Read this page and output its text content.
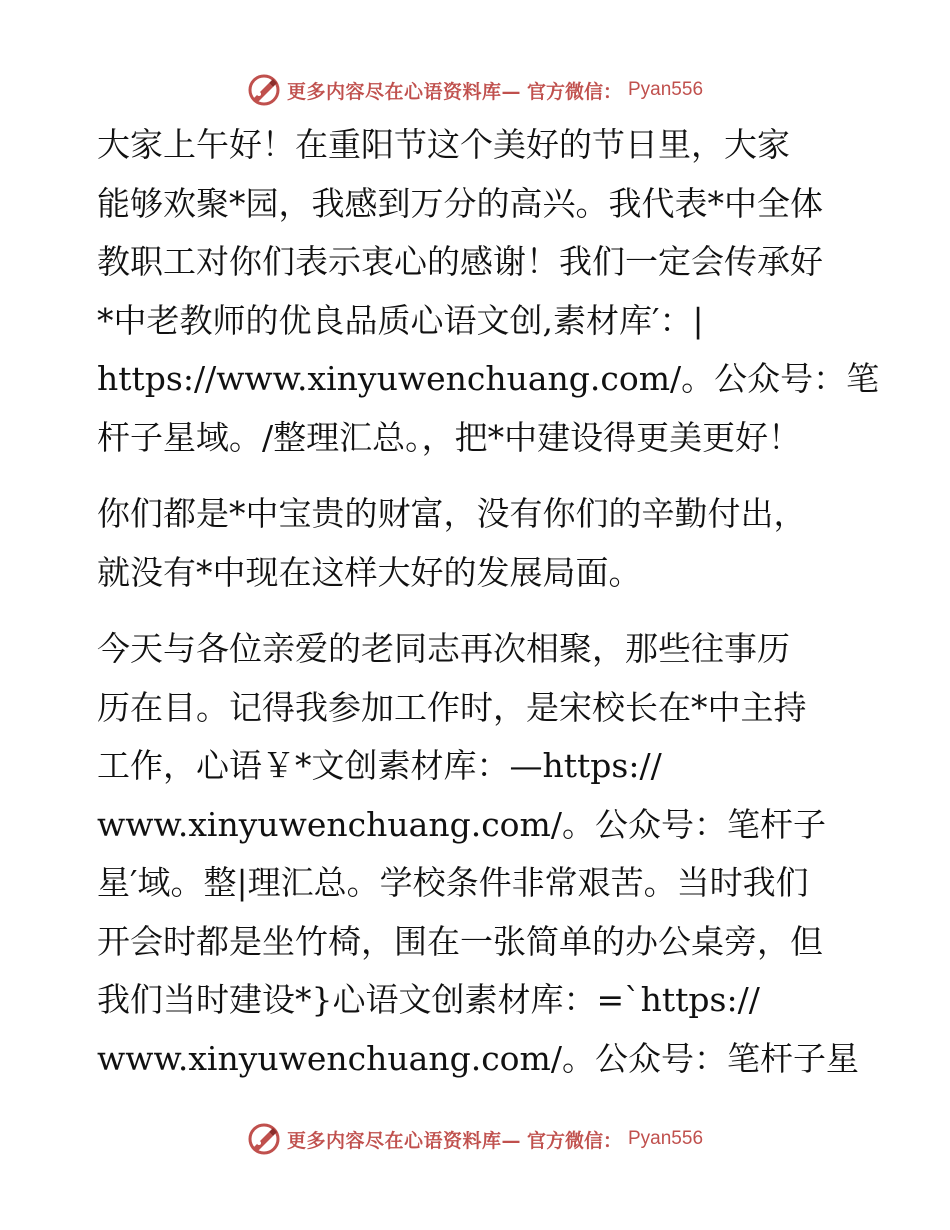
更多内容尽在心语资料库— 官方微信： Pyan556

大家上午好！在重阳节这个美好的节日里，大家
能够欢聚*园，我感到万分的高兴。我代表*中全体
教职工对你们表示衷心的感谢！我们一定会传承好
*中老教师的优良品质心语文创,素材库′：|
https://www.xinyuwenchuang.com/。公众号：笔
杆子星域。/整理汇总。，把*中建设得更美更好！

你们都是*中宝贵的财富，没有你们的辛勤付出，
就没有*中现在这样大好的发展局面。

今天与各位亲爱的老同志再次相聚，那些往事历
历在目。记得我参加工作时，是宋校长在*中主持
工作，心语￥*文创素材库：—https://
www.xinyuwenchuang.com/。公众号：笔杆子
星′域。整|理汇总。学校条件非常艰苦。当时我们
开会时都是坐竹椅，围在一张简单的办公桌旁，但
我们当时建设*}心语文创素材库：=`https://
www.xinyuwenchuang.com/。公众号：笔杆子星

更多内容尽在心语资料库— 官方微信： Pyan556
